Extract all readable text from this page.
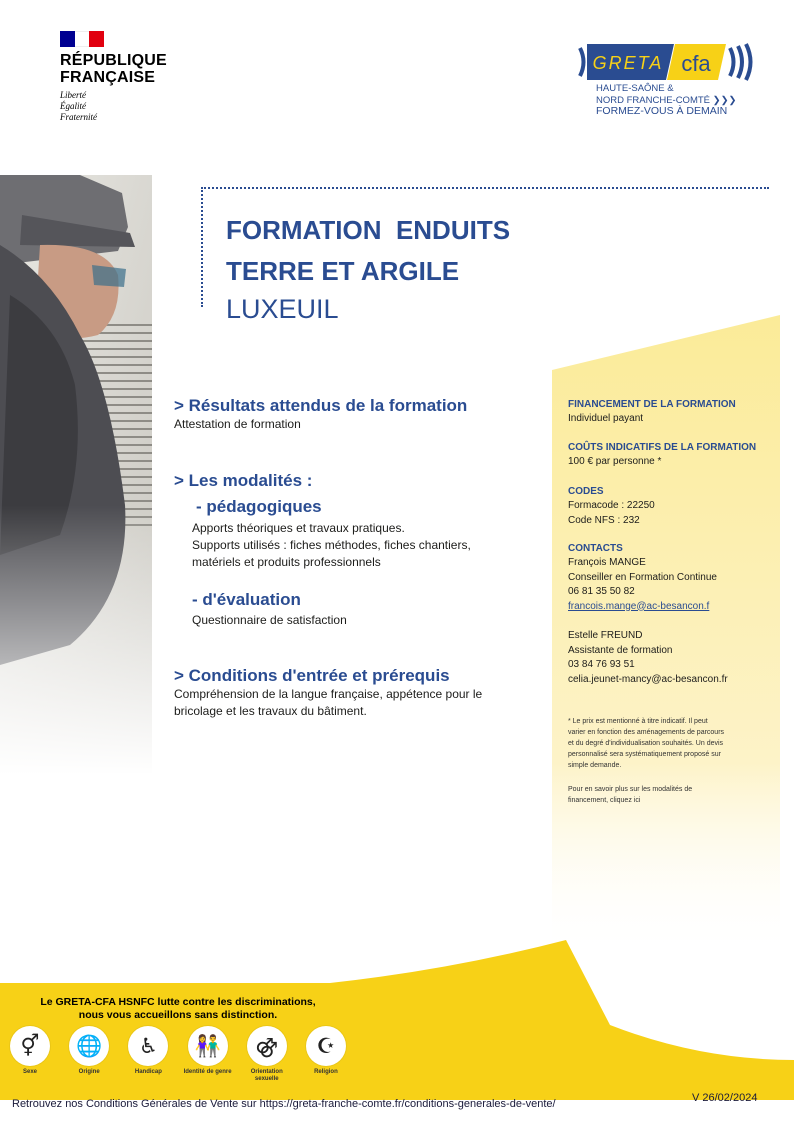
RÉPUBLIQUE
FRANÇAISE
Liberté
Égalité
Fraternité
GRETA cfa
HAUTE-SAÔNE &
NORD FRANCHE-COMTÉ ❯❯❯
FORMEZ-VOUS À DEMAIN
FORMATION  ENDUITS
TERRE ET ARGILE
LUXEUIL
FINANCEMENT DE LA FORMATION

Individuel payant

COÛTS INDICATIFS DE LA FORMATION

100 € par personne *

CODES

Formacode : 22250

Code NFS : 232

CONTACTS

François MANGE

Conseiller en Formation Continue

06 81 35 50 82

francois.mange@ac-besancon.f

Estelle FREUND

Assistante de formation

03 84 76 93 51

celia.jeunet-mancy@ac-besancon.fr

* Le prix est mentionné à titre indicatif. Il peut
varier en fonction des aménagements de parcours
et du degré d'individualisation souhaités. Un devis
personnalisé sera systématiquement proposé sur
simple demande.
Pour en savoir plus sur les modalités de
financement, cliquez ici
> Résultats attendus de la formation

Attestation de formation

> Les modalités :
- pédagogiques

Apports théoriques et travaux pratiques.

Supports utilisés : fiches méthodes, fiches chantiers,

matériels et produits professionnels

- d'évaluation

Questionnaire de satisfaction

> Conditions d'entrée et prérequis

Compréhension de la langue française, appétence pour le

bricolage et les travaux du bâtiment.

Le GRETA-CFA HSNFC lutte contre les discriminations,
nous vous accueillons sans distinction.
⚥
Sexe
🌐
Origine
♿
Handicap
👫
Identité de genre
⚣
Orientation sexuelle
☪
Religion
Retrouvez nos Conditions Générales de Vente sur https://greta-franche-comte.fr/conditions-generales-de-vente/	V 26/02/2024
